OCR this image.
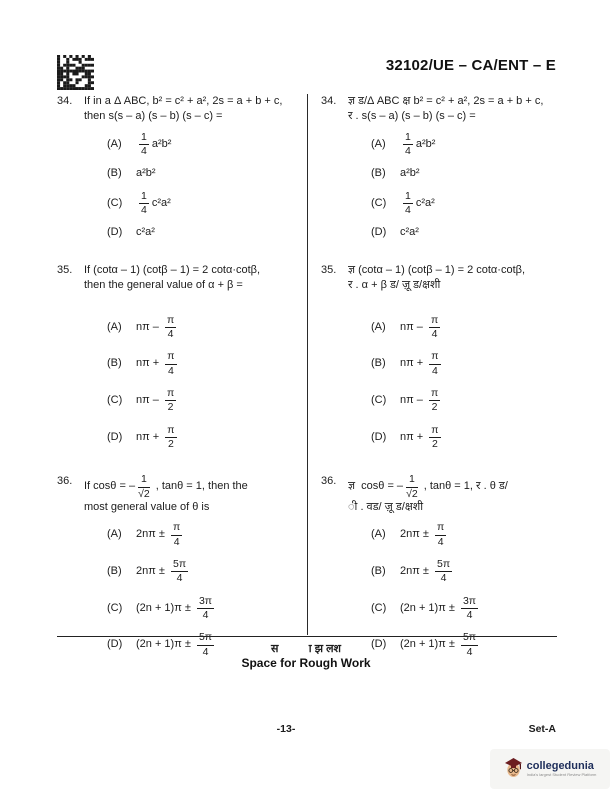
32102/UE – CA/ENT – E
34.	If in a Δ ABC, b² = c² + a², 2s = a + b + c,
then s(s – a) (s – b) (s – c) =
(A)	$\frac{1}{4} a^2b^2$
(B)	a²b²
(C)	$\frac{1}{4} c^2a^2$
(D)	c²a²
35.	If (cotα – 1) (cotβ – 1) = 2 cotα·cotβ,
then the general value of α + β =
(A)	nπ – $\frac{\pi}{4}$
(B)	$n\pi + \frac{\pi}{4}$
(C)	nπ – $\frac{\pi}{2}$
(D)	$n\pi + \frac{\pi}{2}$
36.	If cosθ = – $\frac{1}{√2}$ , tanθ = 1, then the
most general value of θ is
(A)	$2n\pi \pm \frac{\pi}{4}$
(B)	$2n\pi \pm \frac{5\pi}{4}$
(C)	$(2n + 1)\pi \pm \frac{3\pi}{4}$
(D)	$(2n + 1)\pi \pm \frac{5\pi}{4}$
34.	ज्ञ ड/Δ ABC क्ष b² = c² + a², 2s = a + b + c,
र . s(s – a) (s – b) (s – c) =
(A)	$\frac{1}{4} a^2b^2$
(B)	a²b²
(C)	$\frac{1}{4} c^2a^2$
(D)	c²a²
35.	ज्ञ (cotα – 1) (cotβ – 1) = 2 cotα·cotβ,
र . α + β ड/ ज़ू ड/क्षशी
(A)	nπ – $\frac{\pi}{4}$
(B)	$n\pi + \frac{\pi}{4}$
(C)	nπ – $\frac{\pi}{2}$
(D)	$n\pi + \frac{\pi}{2}$
36.	ज्ञ  cosθ = – $\frac{1}{√2}$ , tanθ = 1, र . θ ड/
ी . वड/ ज़ू ड/क्षशी
(A)	$2n\pi \pm \frac{\pi}{4}$
(B)	$2n\pi \pm \frac{5\pi}{4}$
(C)	$(2n + 1)\pi \pm \frac{3\pi}{4}$
(D)	$(2n + 1)\pi \pm \frac{5\pi}{4}$
स          ा झ लश
Space for Rough Work
-13-	Set-A
collegedunia
India's largest Student Review Platform
